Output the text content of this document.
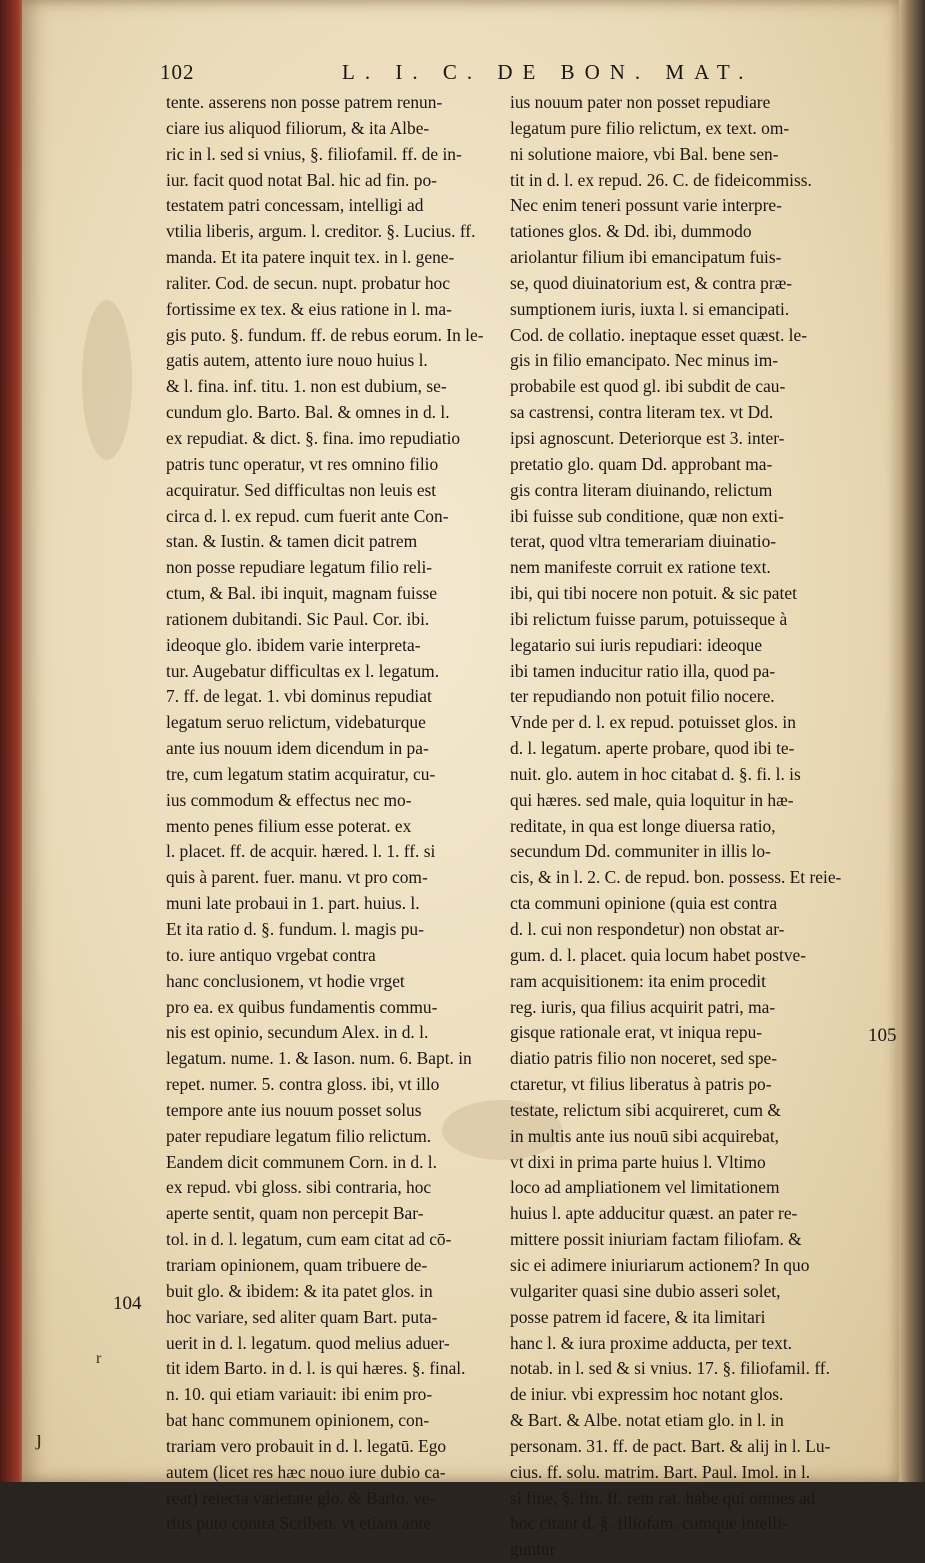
102	L. I. C. DE BON. MAT.
tente. asserens non posse patrem renun-
ciare ius aliquod filiorum, & ita Albe-
ric in l. sed si vnius, §. filiofamil. ff. de in-
iur. facit quod notat Bal. hic ad fin. po-
testatem patri concessam, intelligi ad
vtilia liberis, argum. l. creditor. §. Lucius. ff.
manda. Et ita patere inquit tex. in l. gene-
raliter. Cod. de secun. nupt. probatur hoc
fortissime ex tex. & eius ratione in l. ma-
gis puto. §. fundum. ff. de rebus eorum. In le-
gatis autem, attento iure nouo huius l.
& l. fina. inf. titu. 1. non est dubium, se-
cundum glo. Barto. Bal. & omnes in d. l.
ex repudiat. & dict. §. fina. imo repudiatio
patris tunc operatur, vt res omnino filio
acquiratur. Sed difficultas non leuis est
circa d. l. ex repud. cum fuerit ante Con-
stan. & Iustin. & tamen dicit patrem
non posse repudiare legatum filio reli-
ctum, & Bal. ibi inquit, magnam fuisse
rationem dubitandi. Sic Paul. Cor. ibi.
ideoque glo. ibidem varie interpreta-
tur. Augebatur difficultas ex l. legatum.
7. ff. de legat. 1. vbi dominus repudiat
legatum seruo relictum, videbaturque
ante ius nouum idem dicendum in pa-
tre, cum legatum statim acquiratur, cu-
ius commodum & effectus nec mo-
mento penes filium esse poterat. ex
l. placet. ff. de acquir. hæred. l. 1. ff. si
quis à parent. fuer. manu. vt pro com-
muni late probaui in 1. part. huius. l.
Et ita ratio d. §. fundum. l. magis pu-
to. iure antiquo vrgebat contra
hanc conclusionem, vt hodie vrget
pro ea. ex quibus fundamentis commu-
nis est opinio, secundum Alex. in d. l.
legatum. nume. 1. & Iason. num. 6. Bapt. in
repet. numer. 5. contra gloss. ibi, vt illo
tempore ante ius nouum posset solus
pater repudiare legatum filio relictum.
Eandem dicit communem Corn. in d. l.
ex repud. vbi gloss. sibi contraria, hoc
aperte sentit, quam non percepit Bar-
tol. in d. l. legatum, cum eam citat ad cō-
trariam opinionem, quam tribuere de-
buit glo. & ibidem: & ita patet glos. in
hoc variare, sed aliter quam Bart. puta-
uerit in d. l. legatum. quod melius aduer-
tit idem Barto. in d. l. is qui hæres. §. final.
n. 10. qui etiam variauit: ibi enim pro-
bat hanc communem opinionem, con-
trariam vero probauit in d. l. legatū. Ego
autem (licet res hæc nouo iure dubio ca-
reat) reiecta varietate glo. & Barto. ve-
rius puto contra Scriben. vt etiam ante
ius nouum pater non posset repudiare
legatum pure filio relictum, ex text. om-
ni solutione maiore, vbi Bal. bene sen-
tit in d. l. ex repud. 26. C. de fideicommiss.
Nec enim teneri possunt varie interpre-
tationes glos. & Dd. ibi, dummodo
ariolantur filium ibi emancipatum fuis-
se, quod diuinatorium est, & contra præ-
sumptionem iuris, iuxta l. si emancipati.
Cod. de collatio. ineptaque esset quæst. le-
gis in filio emancipato. Nec minus im-
probabile est quod gl. ibi subdit de cau-
sa castrensi, contra literam tex. vt Dd.
ipsi agnoscunt. Deteriorque est 3. inter-
pretatio glo. quam Dd. approbant ma-
gis contra literam diuinando, relictum
ibi fuisse sub conditione, quæ non exti-
terat, quod vltra temerariam diuinatio-
nem manifeste corruit ex ratione text.
ibi, qui tibi nocere non potuit. & sic patet
ibi relictum fuisse parum, potuisseque à
legatario sui iuris repudiari: ideoque
ibi tamen inducitur ratio illa, quod pa-
ter repudiando non potuit filio nocere.
Vnde per d. l. ex repud. potuisset glos. in
d. l. legatum. aperte probare, quod ibi te-
nuit. glo. autem in hoc citabat d. §. fi. l. is
qui hæres. sed male, quia loquitur in hæ-
reditate, in qua est longe diuersa ratio,
secundum Dd. communiter in illis lo-
cis, & in l. 2. C. de repud. bon. possess. Et reie-
cta communi opinione (quia est contra
d. l. cui non respondetur) non obstat ar-
gum. d. l. placet. quia locum habet postve-
ram acquisitionem: ita enim procedit
reg. iuris, qua filius acquirit patri, ma-
gisque rationale erat, vt iniqua repu-
diatio patris filio non noceret, sed spe-
ctaretur, vt filius liberatus à patris po-
testate, relictum sibi acquireret, cum &
in multis ante ius nouū sibi acquirebat,
vt dixi in prima parte huius l. Vltimo
loco ad ampliationem vel limitationem
huius l. apte adducitur quæst. an pater re-
mittere possit iniuriam factam filiofam. &
sic ei adimere iniuriarum actionem? In quo
vulgariter quasi sine dubio asseri solet,
posse patrem id facere, & ita limitari
hanc l. & iura proxime adducta, per text.
notab. in l. sed & si vnius. 17. §. filiofamil. ff.
de iniur. vbi expressim hoc notant glos.
& Bart. & Albe. notat etiam glo. in l. in
personam. 31. ff. de pact. Bart. & alij in l. Lu-
cius. ff. solu. matrim. Bart. Paul. Imol. in l.
si fine, §. fin. ff. rem rat. habe qui omnes ad
hoc citant d. §. filiofam. cumque intelli-
guntur
104
105
ȷ
r
